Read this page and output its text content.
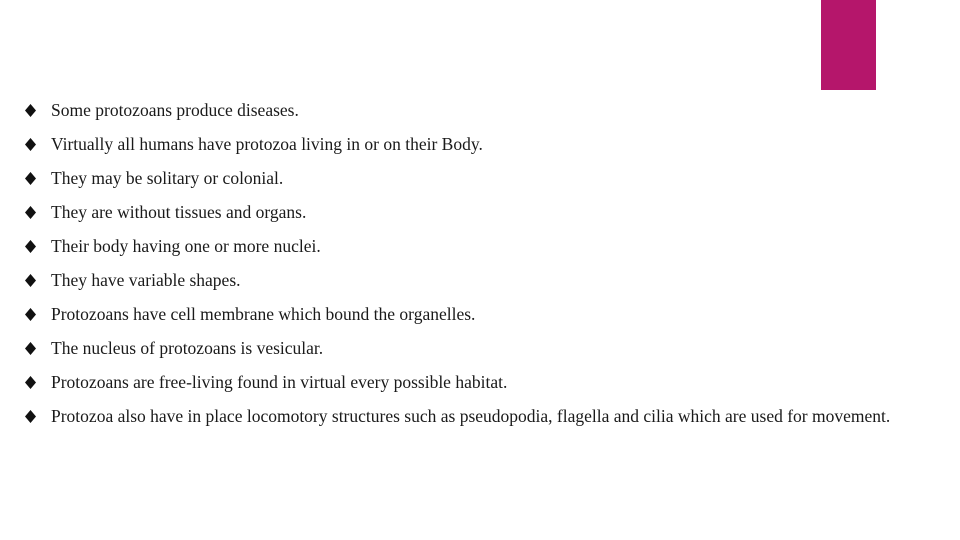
Some protozoans produce diseases.
Virtually all humans have protozoa living in or on their Body.
They may be solitary or colonial.
They are without tissues and organs.
Their body having one or more nuclei.
They have variable shapes.
Protozoans have cell membrane which bound the organelles.
The nucleus of protozoans is vesicular.
Protozoans are free-living found in virtual every possible habitat.
Protozoa also have in place locomotory structures such as pseudopodia, flagella and cilia which are used for movement.
